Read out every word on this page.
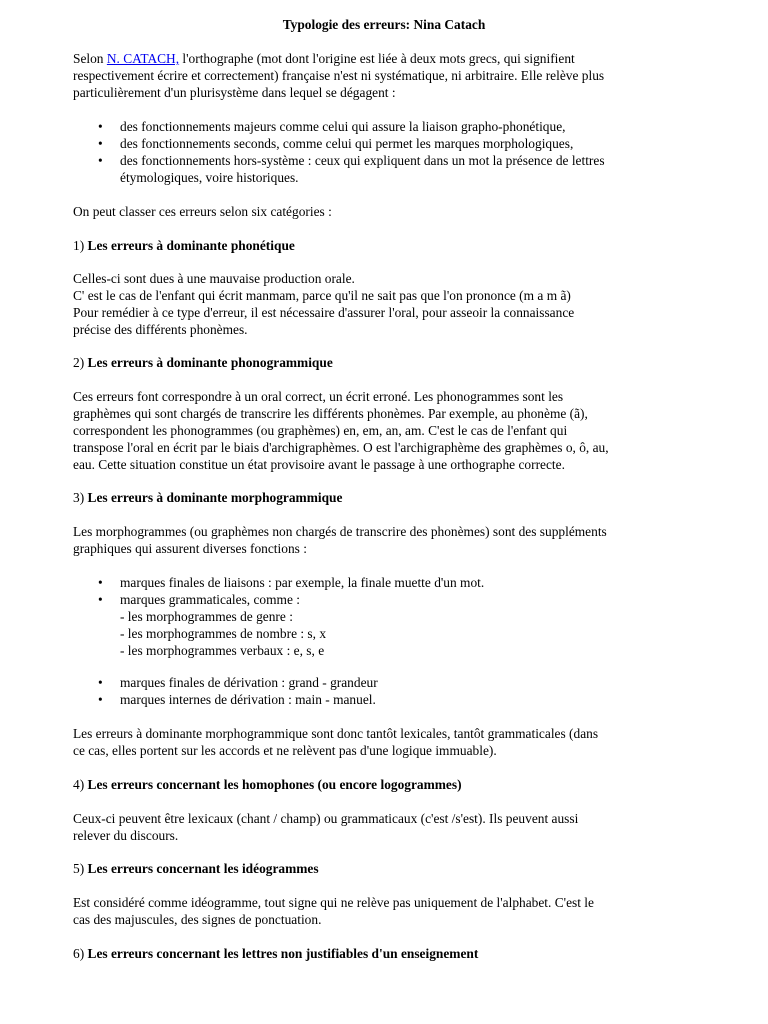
Typologie des erreurs: Nina Catach
Selon N. CATACH, l'orthographe (mot dont l'origine est liée à deux mots grecs, qui signifient
respectivement écrire et correctement) française n'est ni systématique, ni arbitraire. Elle relève plus
particulièrement d'un plurisystème dans lequel se dégagent :
• des fonctionnements majeurs comme celui qui assure la liaison grapho-phonétique,
• des fonctionnements seconds, comme celui qui permet les marques morphologiques,
• des fonctionnements hors-système : ceux qui expliquent dans un mot la présence de lettres
étymologiques, voire historiques.
On peut classer ces erreurs selon six catégories :
1) Les erreurs à dominante phonétique
Celles-ci sont dues à une mauvaise production orale.
C' est le cas de l'enfant qui écrit manmam, parce qu'il ne sait pas que l'on prononce (m a m ã)
Pour remédier à ce type d'erreur, il est nécessaire d'assurer l'oral, pour asseoir la connaissance
précise des différents phonèmes.
2) Les erreurs à dominante phonogrammique
Ces erreurs font correspondre à un oral correct, un écrit erroné. Les phonogrammes sont les
graphèmes qui sont chargés de transcrire les différents phonèmes. Par exemple, au phonème (ã),
correspondent les phonogrammes (ou graphèmes) en, em, an, am. C'est le cas de l'enfant qui
transpose l'oral en écrit par le biais d'archigraphèmes. O est l'archigraphème des graphèmes o, ô, au,
eau. Cette situation constitue un état provisoire avant le passage à une orthographe correcte.
3) Les erreurs à dominante morphogrammique
Les morphogrammes (ou graphèmes non chargés de transcrire des phonèmes) sont des suppléments
graphiques qui assurent diverses fonctions :
• marques finales de liaisons : par exemple, la finale muette d'un mot.
• marques grammaticales, comme :
- les morphogrammes de genre :
- les morphogrammes de nombre : s, x
- les morphogrammes verbaux : e, s, e
• marques finales de dérivation : grand - grandeur
• marques internes de dérivation : main - manuel.
Les erreurs à dominante morphogrammique sont donc tantôt lexicales, tantôt grammaticales (dans
ce cas, elles portent sur les accords et ne relèvent pas d'une logique immuable).
4) Les erreurs concernant les homophones (ou encore logogrammes)
Ceux-ci peuvent être lexicaux (chant / champ) ou grammaticaux (c'est /s'est). Ils peuvent aussi
relever du discours.
5) Les erreurs concernant les idéogrammes
Est considéré comme idéogramme, tout signe qui ne relève pas uniquement de l'alphabet. C'est le
cas des majuscules, des signes de ponctuation.
6) Les erreurs concernant les lettres non justifiables d'un enseignement
